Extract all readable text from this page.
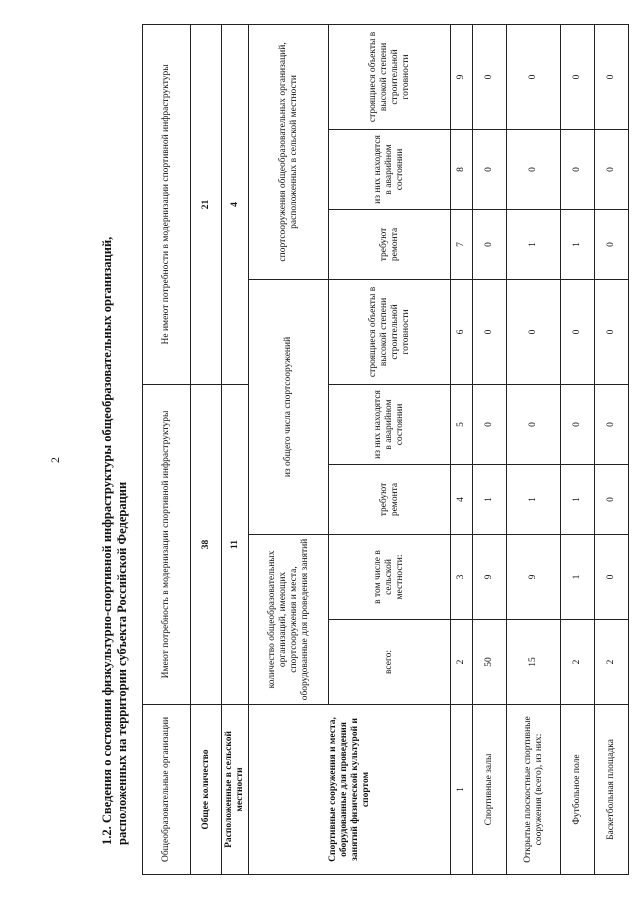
2	1.2. Сведения о состоянии физкультурно-спортивной инфраструктуры общеобразовательных организаций, расположенных на территории субъекта Российской Федерации	Общеобразовательные организации	Имеют потребность в модернизации спортивной инфраструктуры				Не имеют потребности в модернизации спортивной инфраструктуры			
Общее количество	38				21			
Расположенные в сельской местности	11				4			
Спортивные сооружения и места, оборудованные для проведения занятий физической культурой и спортом	количество общеобразовательных организаций, имеющих спортсооружения и места, оборудованные для проведения занятий		из общего числа спортсооружений			спортсооружения общеобразовательных организаций, расположенных в сельской местности		
	всего:	в том числе в сельской местности:	требуют ремонта	из них находятся в аварийном состоянии	строящиеся объекты в высокой степени строительной готовности	требуют ремонта	из них находятся в аварийном состоянии	строящиеся объекты в высокой степени строительной готовности
1	2	3	4	5	6	7	8	9
Спортивные залы	50	9	1	0	0	0	0	0
Открытые плоскостные спортивные сооружения (всего), из них:	15	9	1	0	0	1	0	0
Футбольное поле	2	1	1	0	0	1	0	0
Баскетбольная площадка	2	0	0	0	0	0	0	0
